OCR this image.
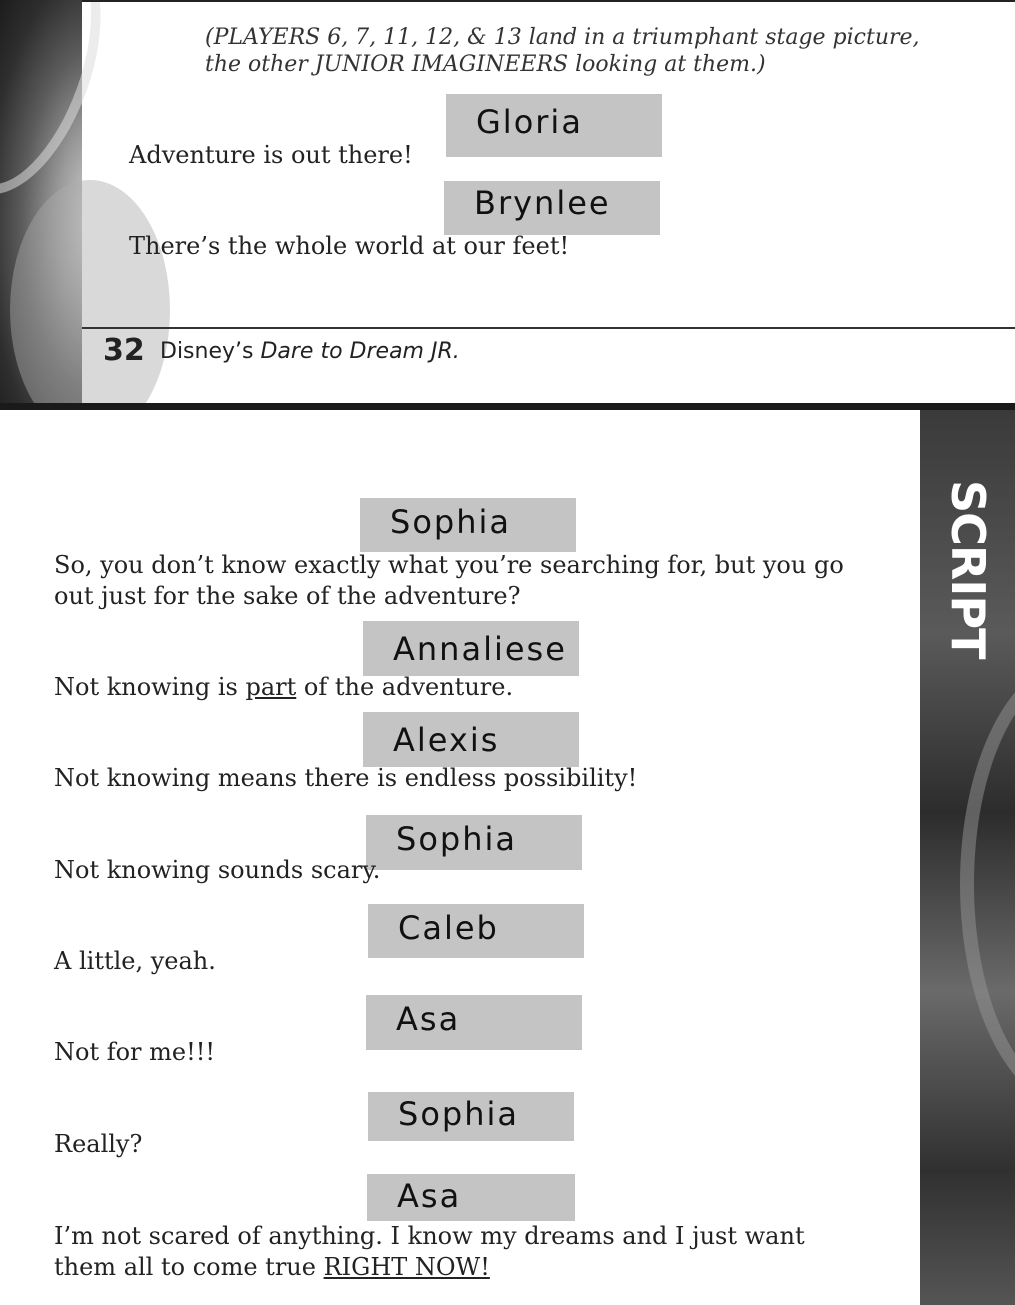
(PLAYERS 6, 7, 11, 12, & 13 land in a triumphant stage picture, the other JUNIOR IMAGINEERS looking at them.)
Gloria
Adventure is out there!
Brynlee
There’s the whole world at our feet!
32 Disney’s Dare to Dream JR.
SCRIPT
Sophia
So, you don’t know exactly what you’re searching for, but you go out just for the sake of the adventure?
Annaliese
Not knowing is part of the adventure.
Alexis
Not knowing means there is endless possibility!
Sophia
Not knowing sounds scary.
Caleb
A little, yeah.
Asa
Not for me!!!
Sophia
Really?
Asa
I’m not scared of anything. I know my dreams and I just want them all to come true RIGHT NOW!
